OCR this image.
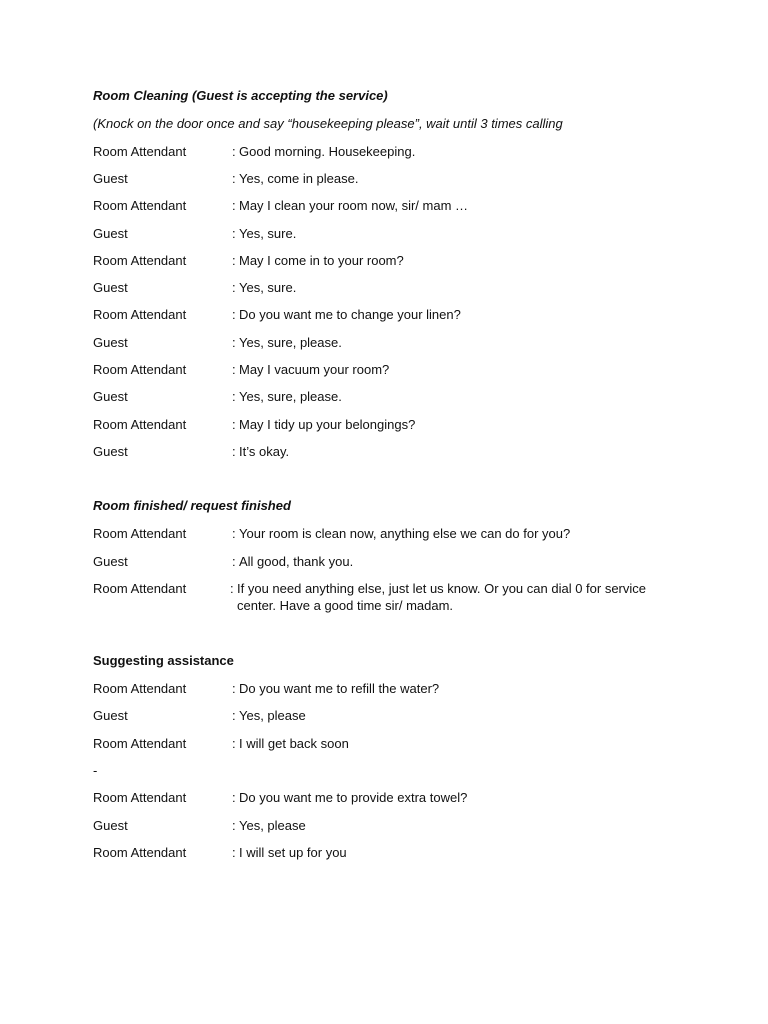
Room Cleaning (Guest is accepting the service)
(Knock on the door once and say “housekeeping please”, wait until 3 times calling
Room Attendant	: Good morning. Housekeeping.
Guest	: Yes, come in please.
Room Attendant	: May I clean your room now, sir/ mam …
Guest	: Yes, sure.
Room Attendant	: May I come in to your room?
Guest	: Yes, sure.
Room Attendant	: Do you want me to change your linen?
Guest	: Yes, sure, please.
Room Attendant	: May I vacuum your room?
Guest	: Yes, sure, please.
Room Attendant	: May I tidy up your belongings?
Guest	: It’s okay.
Room finished/ request finished
Room Attendant	: Your room is clean now, anything else we can do for you?
Guest	: All good, thank you.
Room Attendant	: If you need anything else, just let us know. Or you can dial 0 for service center. Have a good time sir/ madam.
Suggesting assistance
Room Attendant	: Do you want me to refill the water?
Guest	: Yes, please
Room Attendant	: I will get back soon
-
Room Attendant	: Do you want me to provide extra towel?
Guest	: Yes, please
Room Attendant	: I will set up for you
